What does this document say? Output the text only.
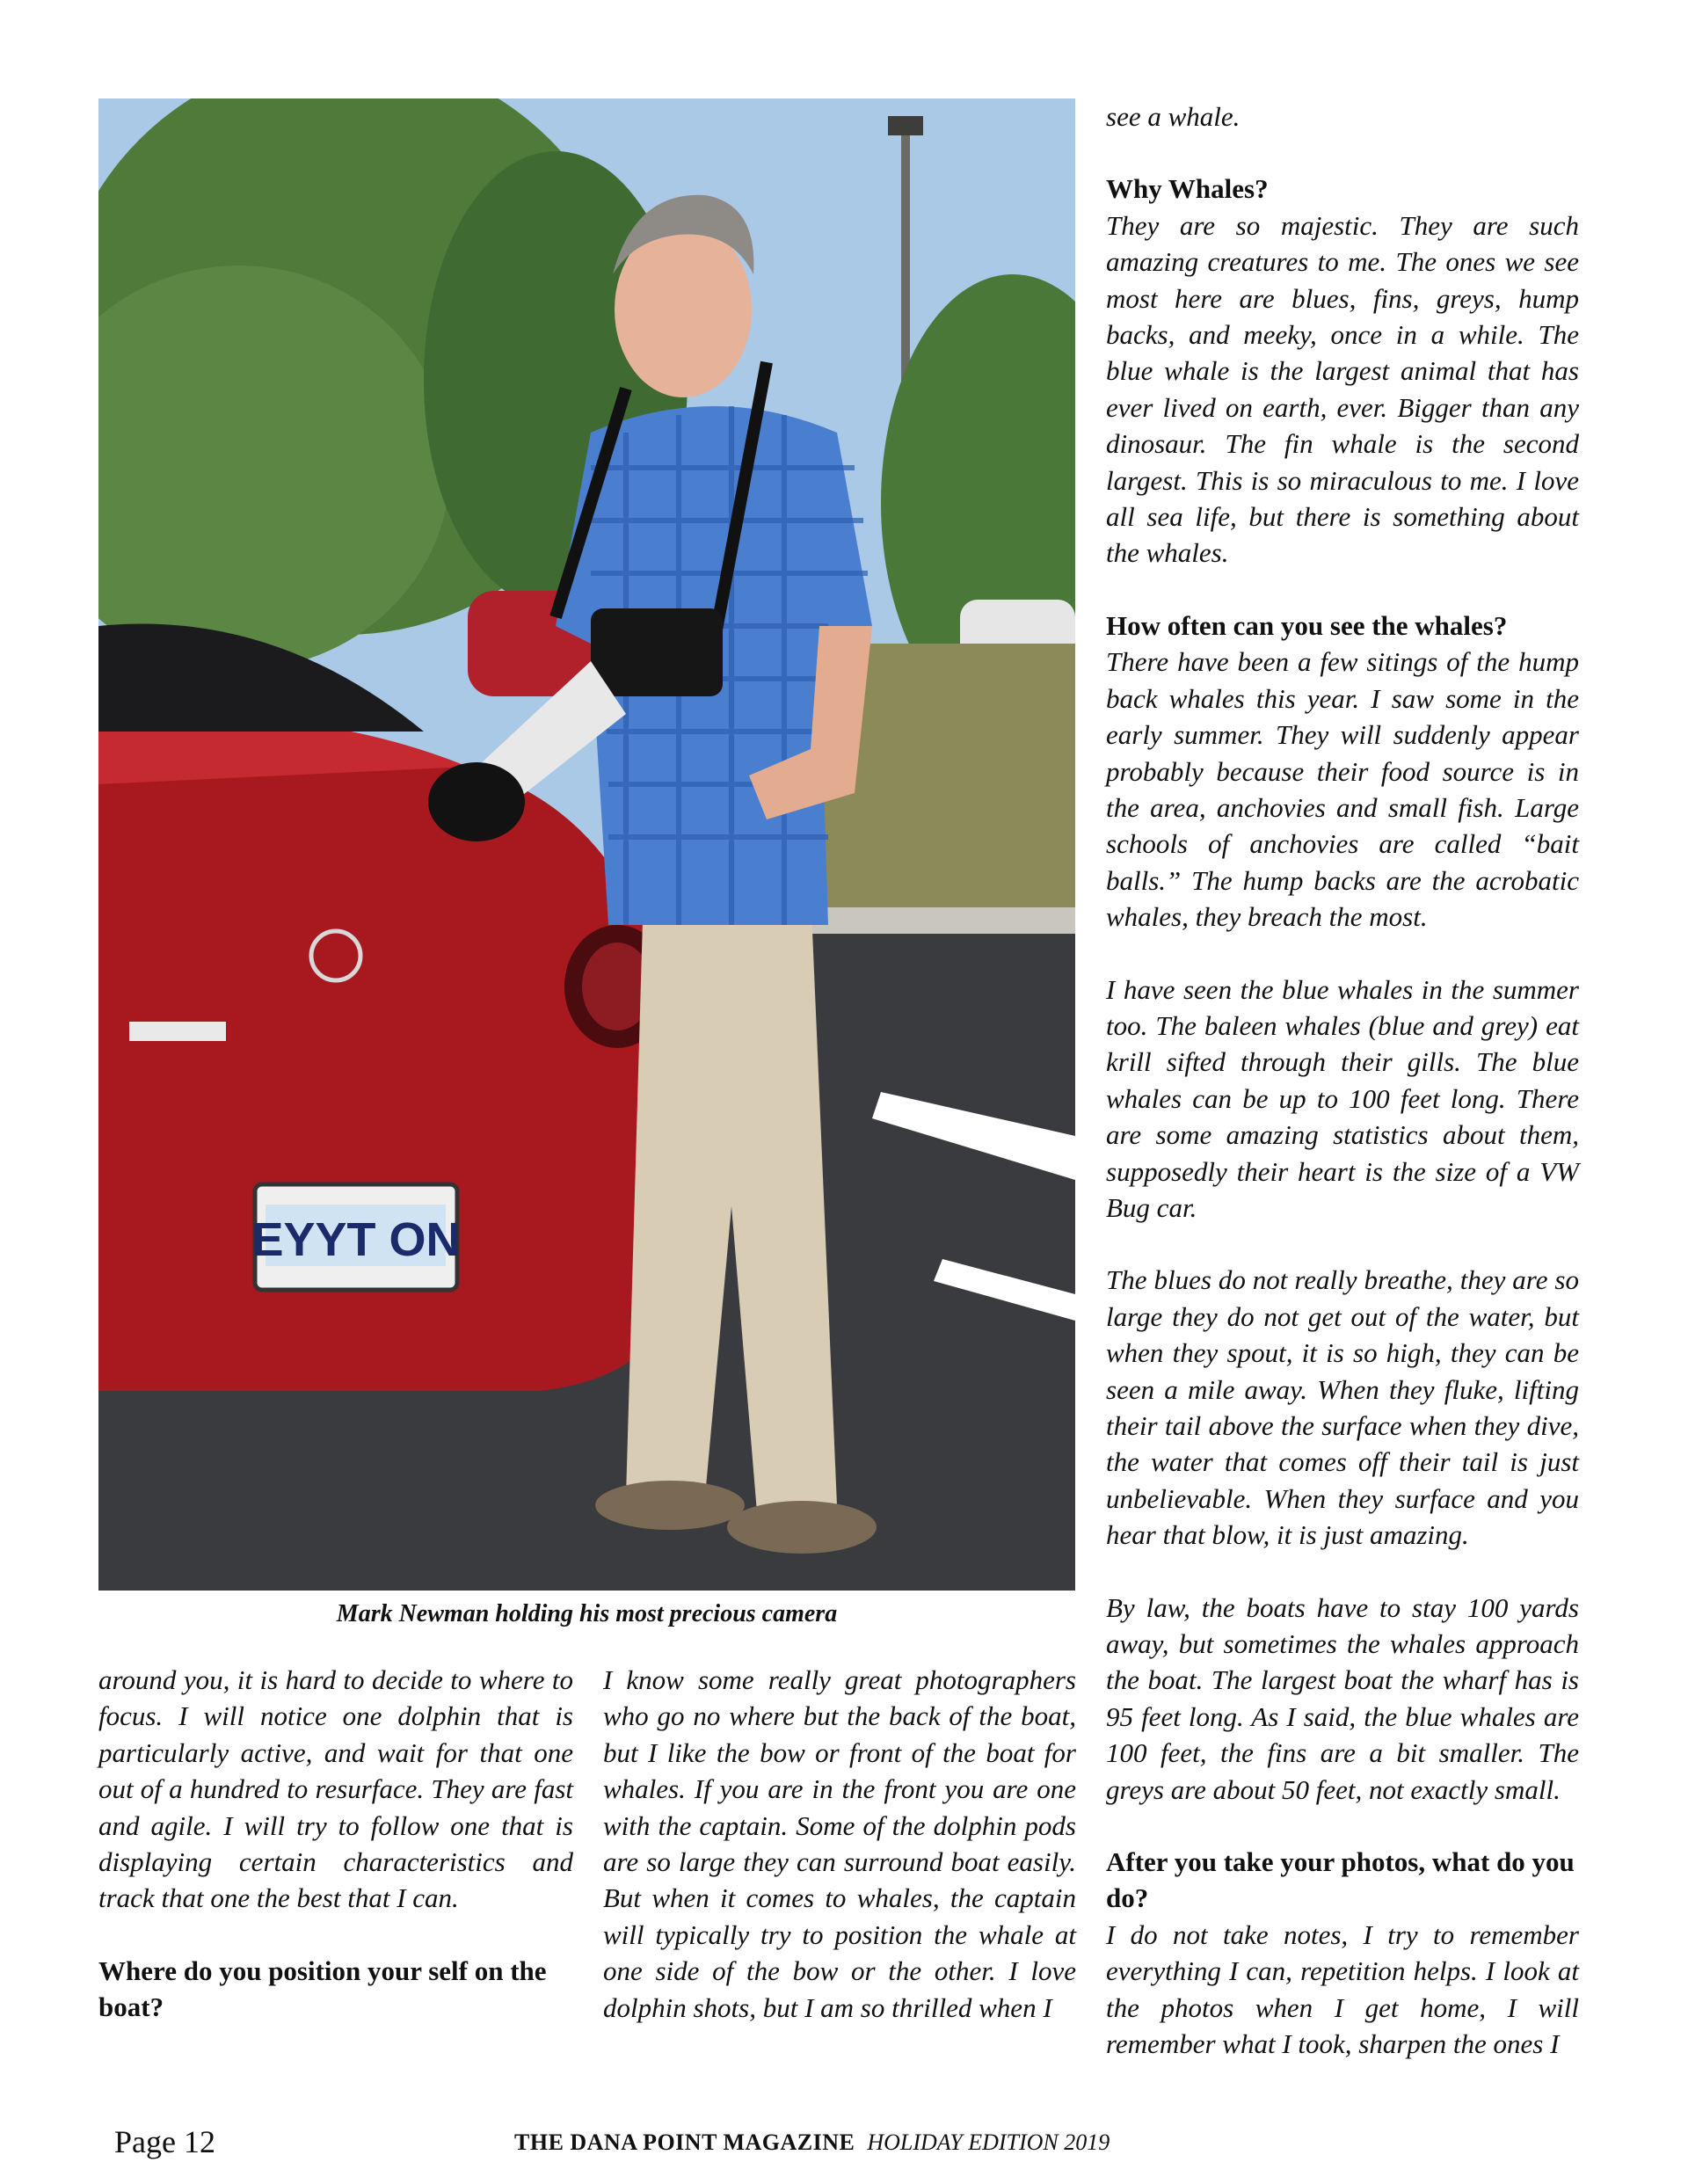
EYYT ON
Mark Newman holding his most precious camera

around you, it is hard to decide to where to focus. I will notice one dolphin that is particularly active, and wait for that one out of a hundred to resurface. They are fast and agile. I will try to follow one that is displaying certain characteristics and track that one the best that I can.

Where do you position your self on the boat?

I know some really great photographers who go no where but the back of the boat, but I like the bow or front of the boat for whales. If you are in the front you are one with the captain. Some of the dolphin pods are so large they can surround boat easily. But when it comes to whales, the captain will typically try to position the whale at one side of the bow or the other. I love dolphin shots, but I am so thrilled when I

see a whale.

Why Whales?

They are so majestic. They are such amazing creatures to me. The ones we see most here are blues, fins, greys, hump backs, and meeky, once in a while. The blue whale is the largest animal that has ever lived on earth, ever. Bigger than any dinosaur. The fin whale is the second largest. This is so miraculous to me. I love all sea life, but there is something about the whales.

How often can you see the whales?

There have been a few sitings of the hump back whales this year. I saw some in the early summer. They will suddenly appear probably because their food source is in the area, anchovies and small fish. Large schools of anchovies are called “bait balls.” The hump backs are the acrobatic whales, they breach the most.

I have seen the blue whales in the summer too. The baleen whales (blue and grey) eat krill sifted through their gills. The blue whales can be up to 100 feet long. There are some amazing statistics about them, supposedly their heart is the size of a VW Bug car.

The blues do not really breathe, they are so large they do not get out of the water, but when they spout, it is so high, they can be seen a mile away. When they fluke, lifting their tail above the surface when they dive, the water that comes off their tail is just unbelievable. When they surface and you hear that blow, it is just amazing.

By law, the boats have to stay 100 yards away, but sometimes the whales approach the boat. The largest boat the wharf has is 95 feet long. As I said, the blue whales are 100 feet, the fins are a bit smaller. The greys are about 50 feet, not exactly small.

After you take your photos, what do you do?

I do not take notes, I try to remember everything I can, repetition helps. I look at the photos when I get home, I will remember what I took, sharpen the ones I

Page 12	THE DANA POINT MAGAZINE HOLIDAY EDITION 2019
